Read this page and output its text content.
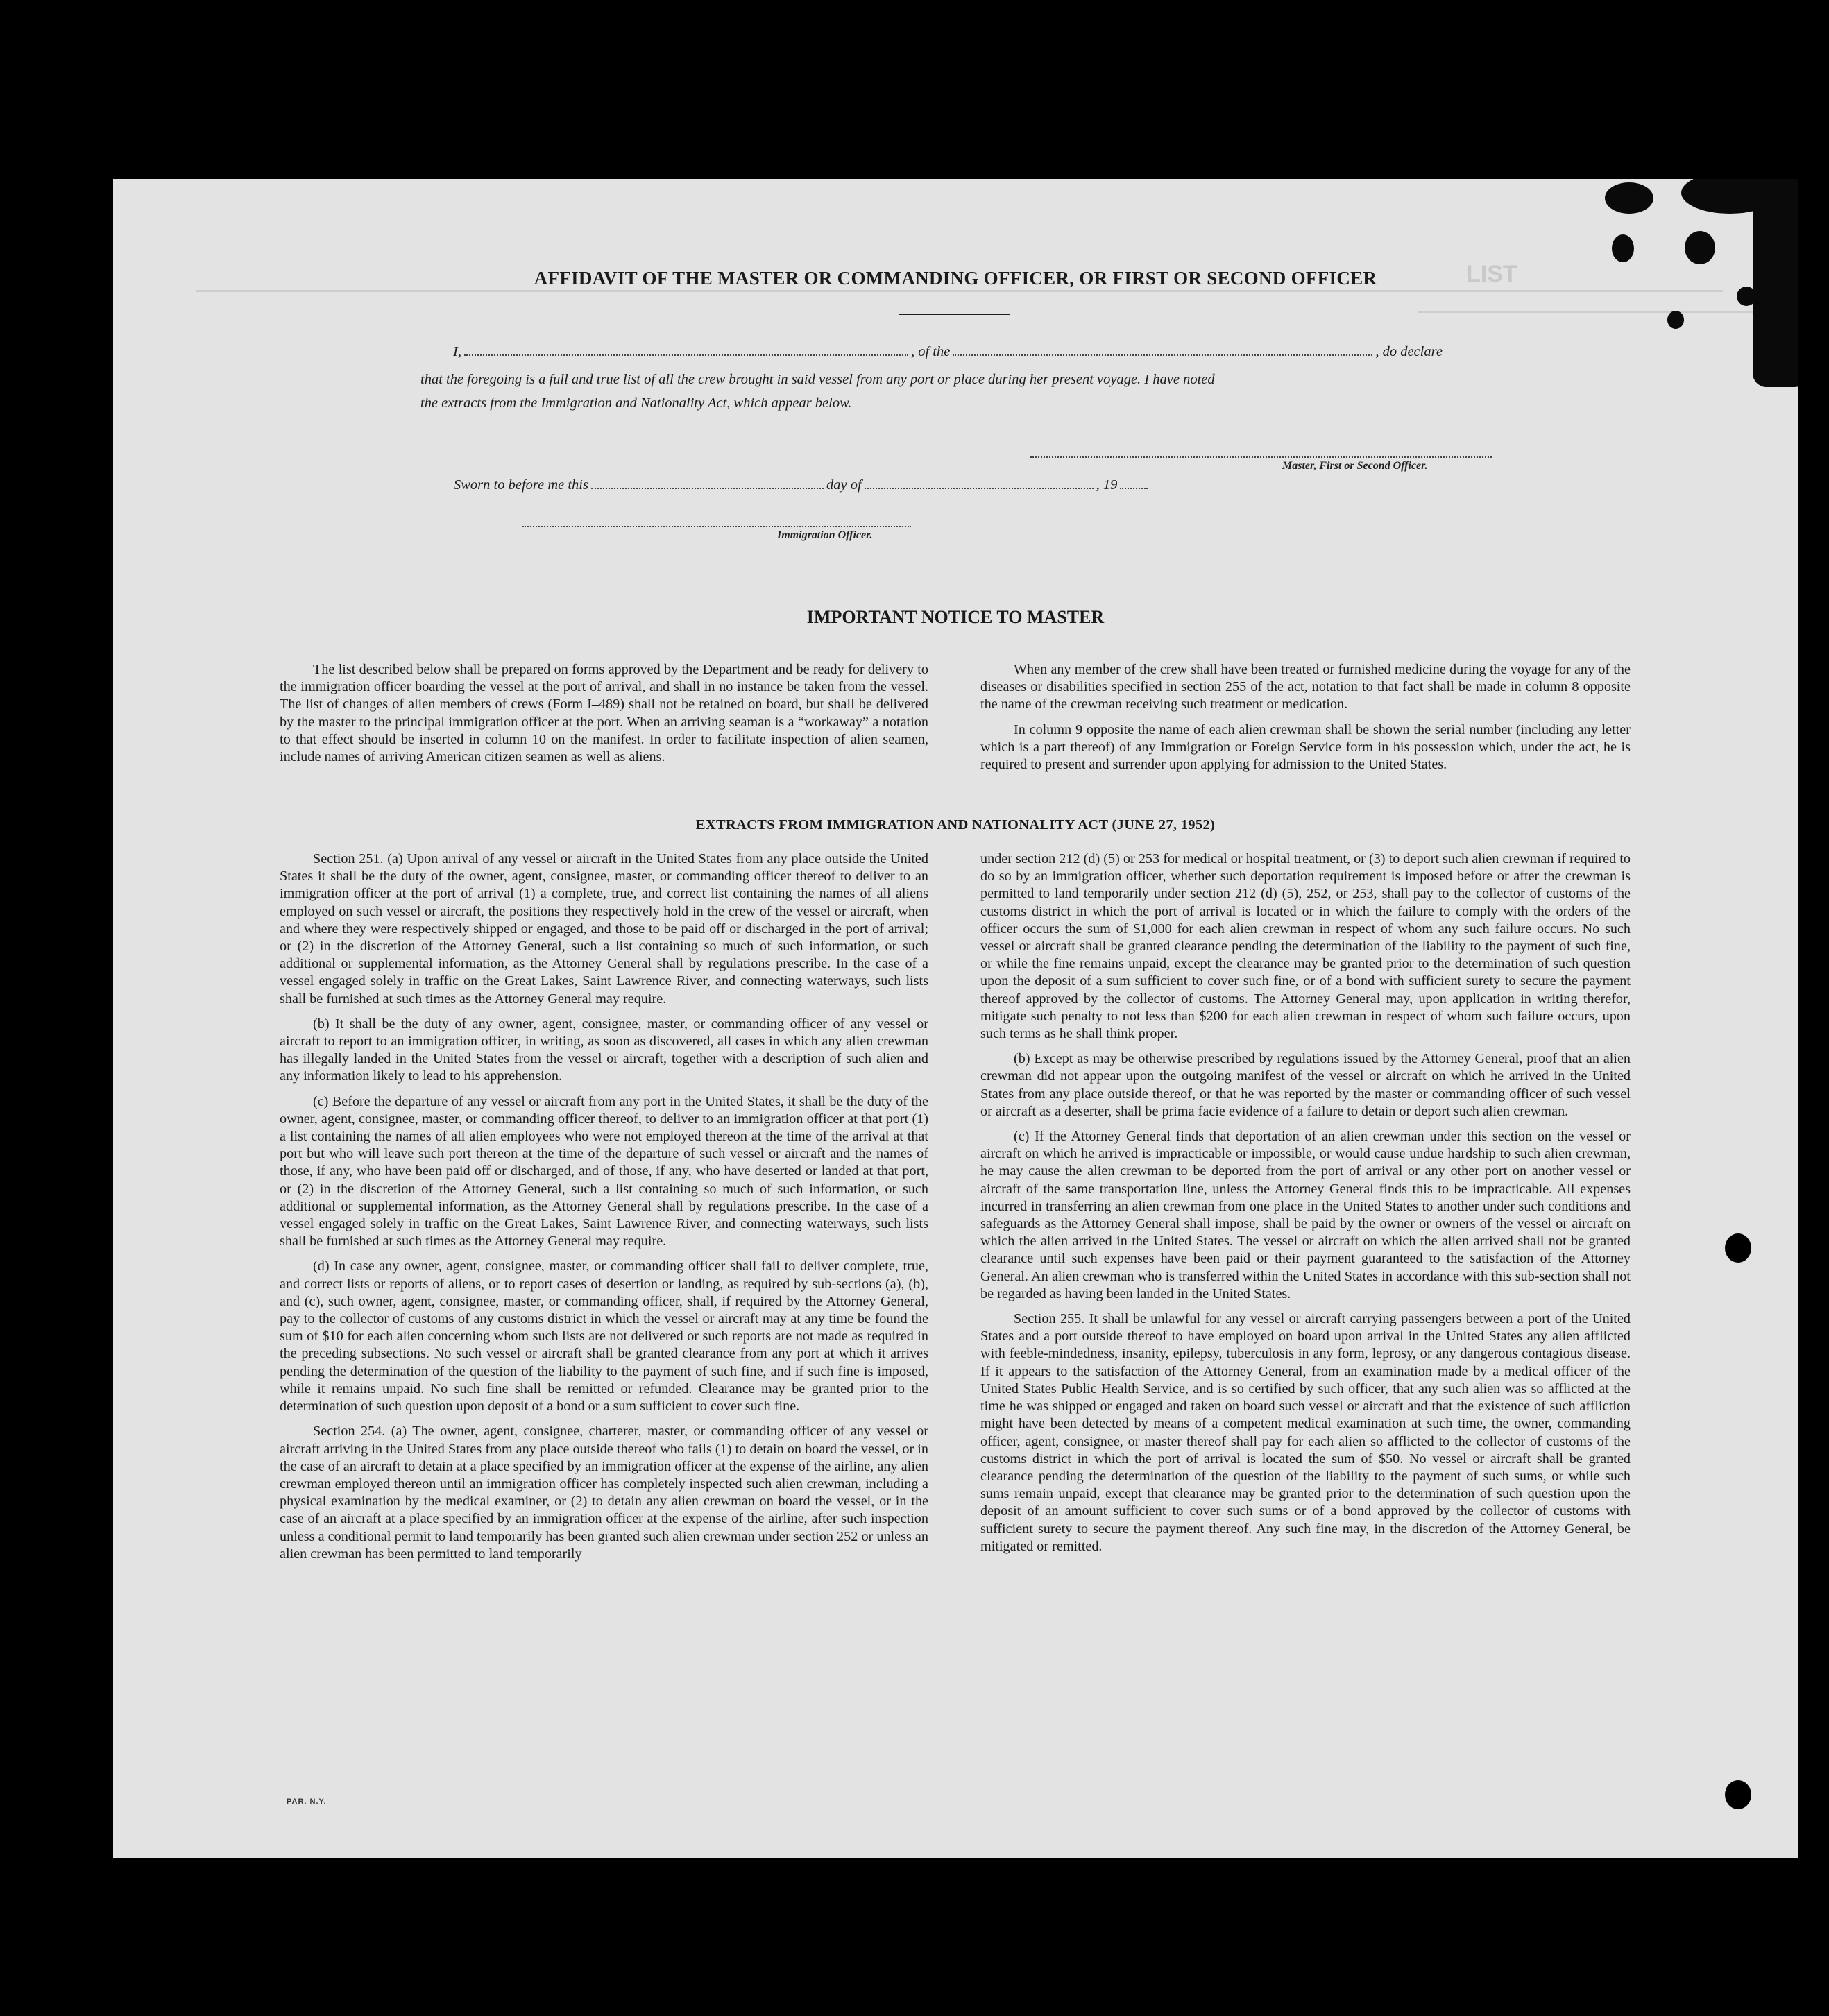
LIST
AFFIDAVIT OF THE MASTER OR COMMANDING OFFICER, OR FIRST OR SECOND OFFICER
I,	, of the	, do declare
that the foregoing is a full and true list of all the crew brought in said vessel from any port or place during her present voyage. I have noted
the extracts from the Immigration and Nationality Act, which appear below.
Master, First or Second Officer.
Sworn to before me this	day of	, 19
Immigration Officer.
IMPORTANT NOTICE TO MASTER

The list described below shall be prepared on forms approved by the Department and be ready for delivery to the immigration officer boarding the vessel at the port of arrival, and shall in no instance be taken from the vessel. The list of changes of alien members of crews (Form I–489) shall not be retained on board, but shall be delivered by the master to the principal immigration officer at the port. When an arriving seaman is a “workaway” a notation to that effect should be inserted in column 10 on the manifest. In order to facilitate inspection of alien seamen, include names of arriving American citizen seamen as well as aliens.

When any member of the crew shall have been treated or furnished medicine during the voyage for any of the diseases or disabilities specified in section 255 of the act, notation to that fact shall be made in column 8 opposite the name of the crewman receiving such treatment or medication.

In column 9 opposite the name of each alien crewman shall be shown the serial number (including any letter which is a part thereof) of any Immigration or Foreign Service form in his possession which, under the act, he is required to present and surrender upon applying for admission to the United States.

EXTRACTS FROM IMMIGRATION AND NATIONALITY ACT (JUNE 27, 1952)

Section 251. (a) Upon arrival of any vessel or aircraft in the United States from any place outside the United States it shall be the duty of the owner, agent, consignee, master, or commanding officer thereof to deliver to an immigration officer at the port of arrival (1) a complete, true, and correct list containing the names of all aliens employed on such vessel or aircraft, the positions they respectively hold in the crew of the vessel or aircraft, when and where they were respectively shipped or engaged, and those to be paid off or discharged in the port of arrival; or (2) in the discretion of the Attorney General, such a list containing so much of such information, or such additional or supplemental information, as the Attorney General shall by regulations prescribe. In the case of a vessel engaged solely in traffic on the Great Lakes, Saint Lawrence River, and connecting waterways, such lists shall be furnished at such times as the Attorney General may require.

(b) It shall be the duty of any owner, agent, consignee, master, or commanding officer of any vessel or aircraft to report to an immigration officer, in writing, as soon as discovered, all cases in which any alien crewman has illegally landed in the United States from the vessel or aircraft, together with a description of such alien and any information likely to lead to his apprehension.

(c) Before the departure of any vessel or aircraft from any port in the United States, it shall be the duty of the owner, agent, consignee, master, or commanding officer thereof, to deliver to an immigration officer at that port (1) a list containing the names of all alien employees who were not employed thereon at the time of the arrival at that port but who will leave such port thereon at the time of the departure of such vessel or aircraft and the names of those, if any, who have been paid off or discharged, and of those, if any, who have deserted or landed at that port, or (2) in the discretion of the Attorney General, such a list containing so much of such information, or such additional or supplemental information, as the Attorney General shall by regulations prescribe. In the case of a vessel engaged solely in traffic on the Great Lakes, Saint Lawrence River, and connecting waterways, such lists shall be furnished at such times as the Attorney General may require.

(d) In case any owner, agent, consignee, master, or commanding officer shall fail to deliver complete, true, and correct lists or reports of aliens, or to report cases of desertion or landing, as required by sub-sections (a), (b), and (c), such owner, agent, consignee, master, or commanding officer, shall, if required by the Attorney General, pay to the collector of customs of any customs district in which the vessel or aircraft may at any time be found the sum of $10 for each alien concerning whom such lists are not delivered or such reports are not made as required in the preceding subsections. No such vessel or aircraft shall be granted clearance from any port at which it arrives pending the determination of the question of the liability to the payment of such fine, and if such fine is imposed, while it remains unpaid. No such fine shall be remitted or refunded. Clearance may be granted prior to the determination of such question upon deposit of a bond or a sum sufficient to cover such fine.

Section 254. (a) The owner, agent, consignee, charterer, master, or commanding officer of any vessel or aircraft arriving in the United States from any place outside thereof who fails (1) to detain on board the vessel, or in the case of an aircraft to detain at a place specified by an immigration officer at the expense of the airline, any alien crewman employed thereon until an immigration officer has completely inspected such alien crewman, including a physical examination by the medical examiner, or (2) to detain any alien crewman on board the vessel, or in the case of an aircraft at a place specified by an immigration officer at the expense of the airline, after such inspection unless a conditional permit to land temporarily has been granted such alien crewman under section 252 or unless an alien crewman has been permitted to land temporarily

under section 212 (d) (5) or 253 for medical or hospital treatment, or (3) to deport such alien crewman if required to do so by an immigration officer, whether such deportation requirement is imposed before or after the crewman is permitted to land temporarily under section 212 (d) (5), 252, or 253, shall pay to the collector of customs of the customs district in which the port of arrival is located or in which the failure to comply with the orders of the officer occurs the sum of $1,000 for each alien crewman in respect of whom any such failure occurs. No such vessel or aircraft shall be granted clearance pending the determination of the liability to the payment of such fine, or while the fine remains unpaid, except the clearance may be granted prior to the determination of such question upon the deposit of a sum sufficient to cover such fine, or of a bond with sufficient surety to secure the payment thereof approved by the collector of customs. The Attorney General may, upon application in writing therefor, mitigate such penalty to not less than $200 for each alien crewman in respect of whom such failure occurs, upon such terms as he shall think proper.

(b) Except as may be otherwise prescribed by regulations issued by the Attorney General, proof that an alien crewman did not appear upon the outgoing manifest of the vessel or aircraft on which he arrived in the United States from any place outside thereof, or that he was reported by the master or commanding officer of such vessel or aircraft as a deserter, shall be prima facie evidence of a failure to detain or deport such alien crewman.

(c) If the Attorney General finds that deportation of an alien crewman under this section on the vessel or aircraft on which he arrived is impracticable or impossible, or would cause undue hardship to such alien crewman, he may cause the alien crewman to be deported from the port of arrival or any other port on another vessel or aircraft of the same transportation line, unless the Attorney General finds this to be impracticable. All expenses incurred in transferring an alien crewman from one place in the United States to another under such conditions and safeguards as the Attorney General shall impose, shall be paid by the owner or owners of the vessel or aircraft on which the alien arrived in the United States. The vessel or aircraft on which the alien arrived shall not be granted clearance until such expenses have been paid or their payment guaranteed to the satisfaction of the Attorney General. An alien crewman who is transferred within the United States in accordance with this sub-section shall not be regarded as having been landed in the United States.

Section 255. It shall be unlawful for any vessel or aircraft carrying passengers between a port of the United States and a port outside thereof to have employed on board upon arrival in the United States any alien afflicted with feeble-mindedness, insanity, epilepsy, tuberculosis in any form, leprosy, or any dangerous contagious disease. If it appears to the satisfaction of the Attorney General, from an examination made by a medical officer of the United States Public Health Service, and is so certified by such officer, that any such alien was so afflicted at the time he was shipped or engaged and taken on board such vessel or aircraft and that the existence of such affliction might have been detected by means of a competent medical examination at such time, the owner, commanding officer, agent, consignee, or master thereof shall pay for each alien so afflicted to the collector of customs of the customs district in which the port of arrival is located the sum of $50. No vessel or aircraft shall be granted clearance pending the determination of the question of the liability to the payment of such sums, or while such sums remain unpaid, except that clearance may be granted prior to the determination of such question upon the deposit of an amount sufficient to cover such sums or of a bond approved by the collector of customs with sufficient surety to secure the payment thereof. Any such fine may, in the discretion of the Attorney General, be mitigated or remitted.

PAR. N.Y.
